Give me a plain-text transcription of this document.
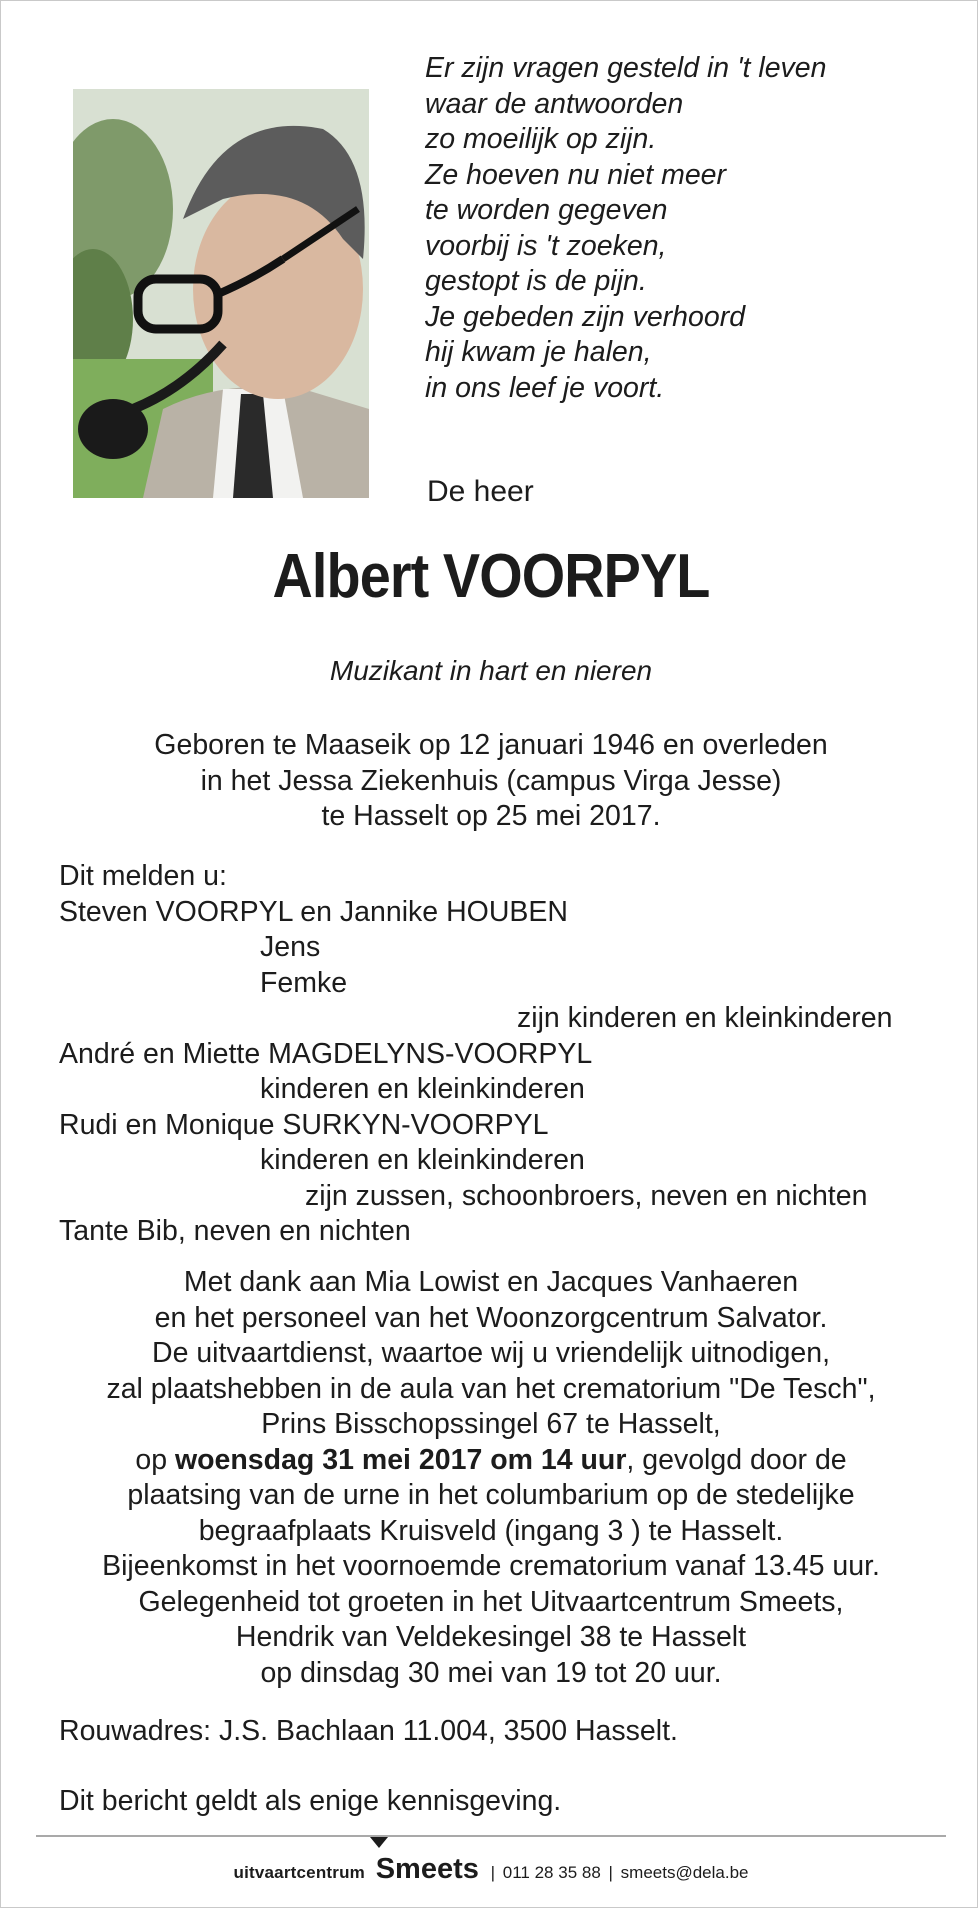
Er zijn vragen gesteld in 't leven
waar de antwoorden
zo moeilijk op zijn.
Ze hoeven nu niet meer
te worden gegeven
voorbij is 't zoeken,
gestopt is de pijn.
Je gebeden zijn verhoord
hij kwam je halen,
in ons leef je voort.
De heer
Albert VOORPYL
Muzikant in hart en nieren
Geboren te Maaseik op 12 januari 1946 en overleden
in het Jessa Ziekenhuis (campus Virga Jesse)
te Hasselt op 25 mei 2017.
Dit melden u:
Steven VOORPYL en Jannike HOUBEN
Jens
Femke
zijn kinderen en kleinkinderen
André en Miette MAGDELYNS-VOORPYL
kinderen en kleinkinderen
Rudi en Monique SURKYN-VOORPYL
kinderen en kleinkinderen
zijn zussen, schoonbroers, neven en nichten
Tante Bib, neven en nichten
Met dank aan Mia Lowist en Jacques Vanhaeren
en het personeel van het Woonzorgcentrum Salvator.
De uitvaartdienst, waartoe wij u vriendelijk uitnodigen,
zal plaatshebben in de aula van het crematorium "De Tesch",
Prins Bisschopssingel 67 te Hasselt,
op woensdag 31 mei 2017 om 14 uur, gevolgd door de
plaatsing van de urne in het columbarium op de stedelijke
begraafplaats Kruisveld (ingang 3 ) te Hasselt.
Bijeenkomst in het voornoemde crematorium vanaf 13.45 uur.
Gelegenheid tot groeten in het Uitvaartcentrum Smeets,
Hendrik van Veldekesingel 38 te Hasselt
op dinsdag 30 mei van 19 tot 20 uur.
Rouwadres: J.S. Bachlaan 11.004, 3500 Hasselt.
Dit bericht geldt als enige kennisgeving.
uitvaartcentrum Smeets | 011 28 35 88 | smeets@dela.be
